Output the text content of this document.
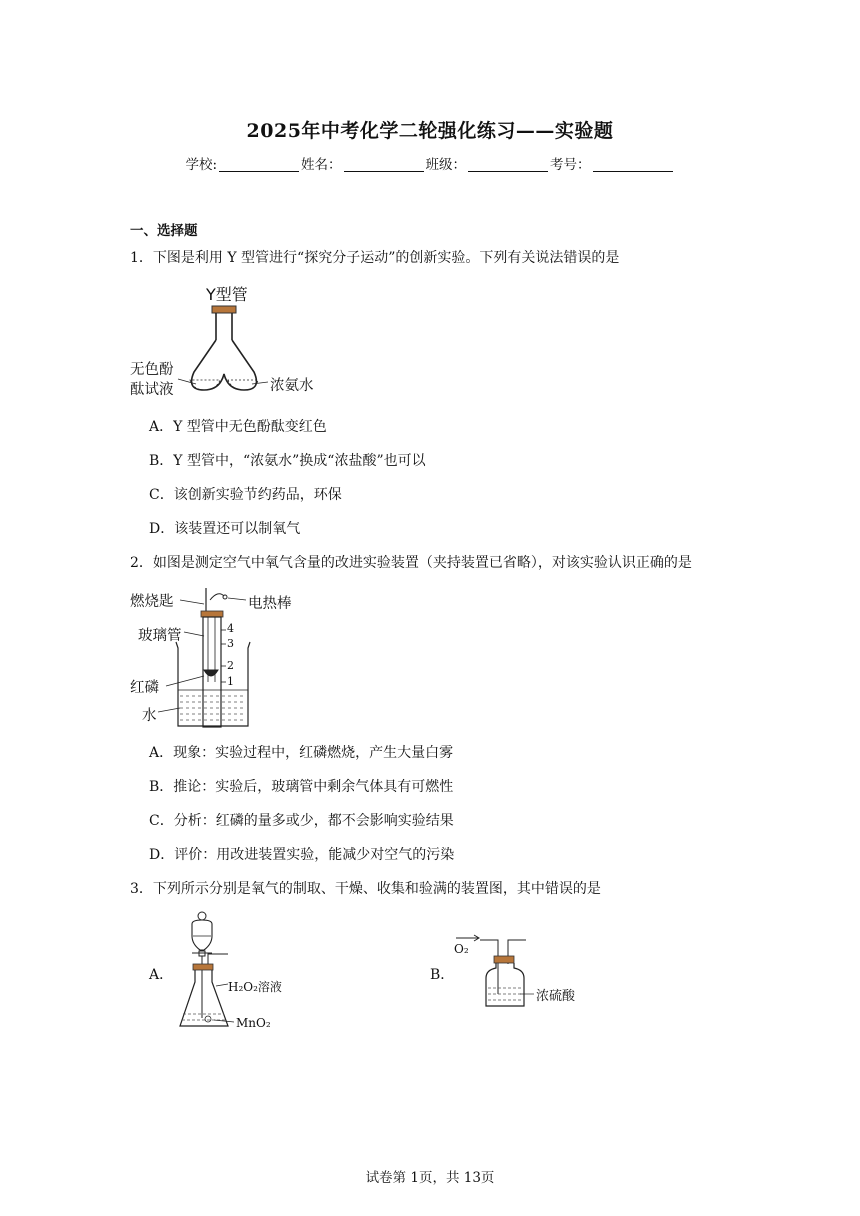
2025年中考化学二轮强化练习——实验题
学校:	姓名：	班级：	考号：
一、选择题
1．下图是利用 Y 型管进行“探究分子运动”的创新实验。下列有关说法错误的是
Y型管
无色酚
酞试液	浓氨水
A．Y 型管中无色酚酞变红色
B．Y 型管中，“浓氨水”换成“浓盐酸”也可以
C．该创新实验节约药品，环保
D．该装置还可以制氧气
2．如图是测定空气中氧气含量的改进实验装置（夹持装置已省略），对该实验认识正确的是
燃烧匙	电热棒
玻璃管
红磷
水
4
3
2
1
A．现象：实验过程中，红磷燃烧，产生大量白雾
B．推论：实验后，玻璃管中剩余气体具有可燃性
C．分析：红磷的量多或少，都不会影响实验结果
D．评价：用改进装置实验，能减少对空气的污染
3．下列所示分别是氧气的制取、干燥、收集和验满的装置图，其中错误的是
A．
H₂O₂溶液
MnO₂
B．
O₂
浓硫酸
试卷第 1页，共 13页
